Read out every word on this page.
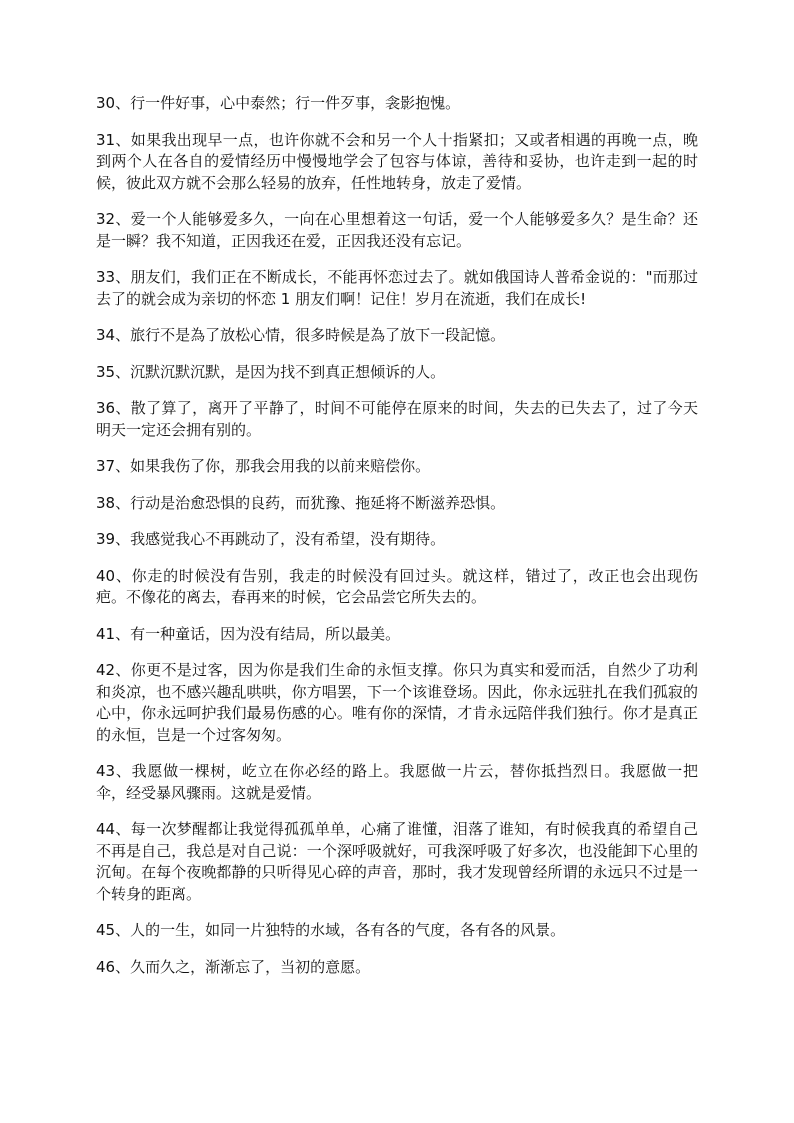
30、行一件好事，心中泰然；行一件歹事，衾影抱愧。

31、如果我出现早一点，也许你就不会和另一个人十指紧扣；又或者相遇的再晚一点，晚到两个人在各自的爱情经历中慢慢地学会了包容与体谅，善待和妥协，也许走到一起的时候，彼此双方就不会那么轻易的放弃，任性地转身，放走了爱情。

32、爱一个人能够爱多久，一向在心里想着这一句话，爱一个人能够爱多久？是生命？还是一瞬？我不知道，正因我还在爱，正因我还没有忘记。

33、朋友们，我们正在不断成长，不能再怀恋过去了。就如俄国诗人普希金说的："而那过去了的就会成为亲切的怀恋 1 朋友们啊！记住！岁月在流逝，我们在成长!

34、旅行不是為了放松心情，很多時候是為了放下一段記憶。

35、沉默沉默沉默，是因为找不到真正想倾诉的人。

36、散了算了，离开了平静了，时间不可能停在原来的时间，失去的已失去了，过了今天明天一定还会拥有别的。

37、如果我伤了你，那我会用我的以前来赔偿你。

38、行动是治愈恐惧的良药，而犹豫、拖延将不断滋养恐惧。

39、我感觉我心不再跳动了，没有希望，没有期待。

40、你走的时候没有告别，我走的时候没有回过头。就这样，错过了，改正也会出现伤疤。不像花的离去，春再来的时候，它会品尝它所失去的。

41、有一种童话，因为没有结局，所以最美。

42、你更不是过客，因为你是我们生命的永恒支撑。你只为真实和爱而活，自然少了功利和炎凉，也不感兴趣乱哄哄，你方唱罢，下一个该谁登场。因此，你永远驻扎在我们孤寂的心中，你永远呵护我们最易伤感的心。唯有你的深情，才肯永远陪伴我们独行。你才是真正的永恒，岂是一个过客匆匆。

43、我愿做一棵树，屹立在你必经的路上。我愿做一片云，替你抵挡烈日。我愿做一把伞，经受暴风骤雨。这就是爱情。

44、每一次梦醒都让我觉得孤孤单单，心痛了谁懂，泪落了谁知，有时候我真的希望自己不再是自己，我总是对自己说：一个深呼吸就好，可我深呼吸了好多次，也没能卸下心里的沉甸。在每个夜晚都静的只听得见心碎的声音，那时，我才发现曾经所谓的永远只不过是一个转身的距离。

45、人的一生，如同一片独特的水域，各有各的气度，各有各的风景。

46、久而久之，渐渐忘了，当初的意愿。
